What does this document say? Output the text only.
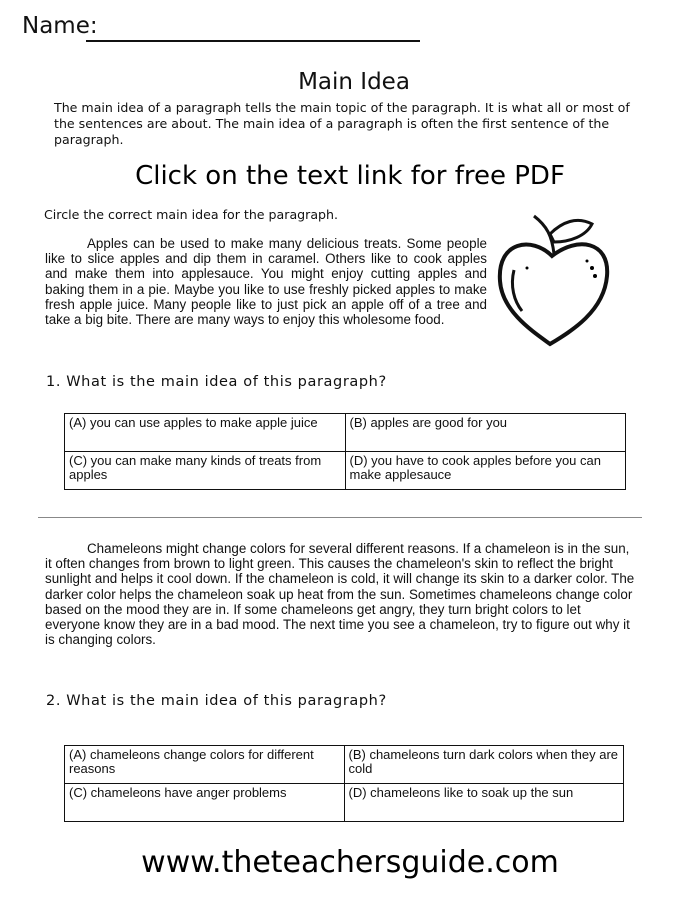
Name:
Main Idea
The main idea of a paragraph tells the main topic of the paragraph. It is what all or most of the sentences are about. The main idea of a paragraph is often the first sentence of the paragraph.
Click on the text link for free PDF
Circle the correct main idea for the paragraph.
Apples can be used to make many delicious treats. Some people like to slice apples and dip them in caramel. Others like to cook apples and make them into applesauce. You might enjoy cutting apples and baking them in a pie. Maybe you like to use freshly picked apples to make fresh apple juice. Many people like to just pick an apple off of a tree and take a big bite. There are many ways to enjoy this wholesome food.
1. What is the main idea of this paragraph?
(A) you can use apples to make apple juice	(B) apples are good for you
(C) you can make many kinds of treats from apples	(D) you have to cook apples before you can make applesauce
Chameleons might change colors for several different reasons. If a chameleon is in the sun, it often changes from brown to light green. This causes the chameleon's skin to reflect the bright sunlight and helps it cool down. If the chameleon is cold, it will change its skin to a darker color. The darker color helps the chameleon soak up heat from the sun. Sometimes chameleons change color based on the mood they are in. If some chameleons get angry, they turn bright colors to let everyone know they are in a bad mood. The next time you see a chameleon, try to figure out why it is changing colors.
2. What is the main idea of this paragraph?
(A) chameleons change colors for different reasons	(B) chameleons turn dark colors when they are cold
(C) chameleons have anger problems	(D) chameleons like to soak up the sun
www.theteachersguide.com
